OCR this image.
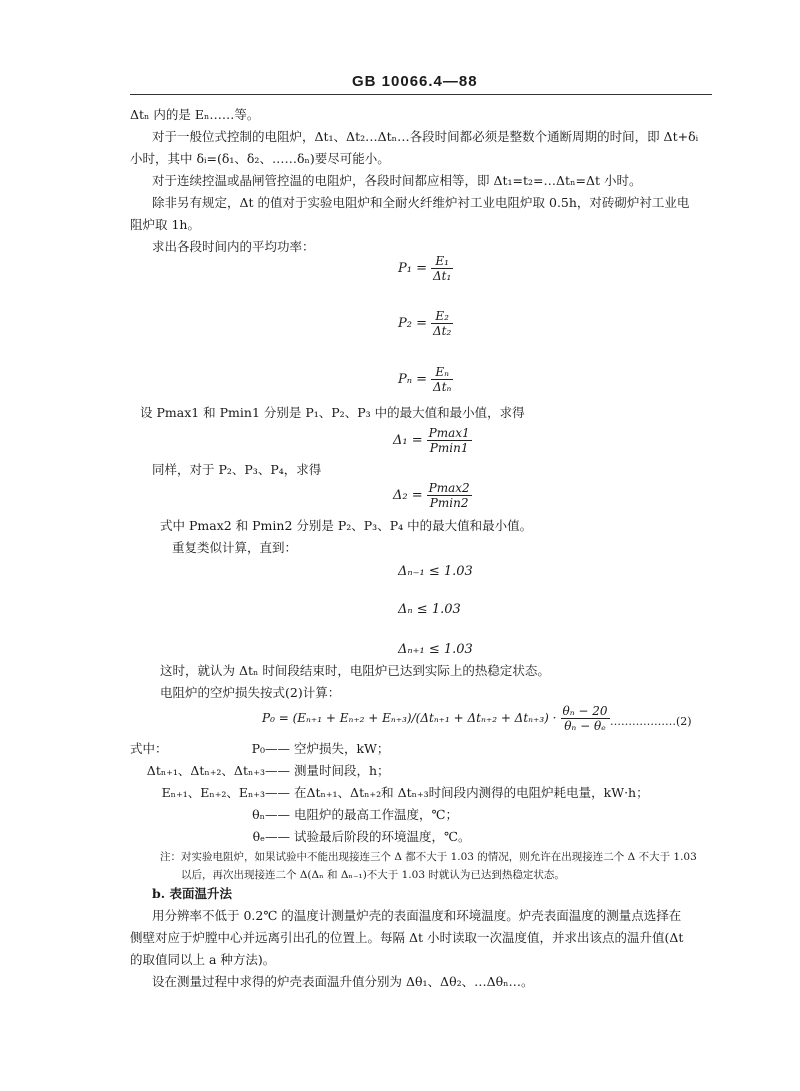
GB 10066.4—88
Δtₙ 内的是 Eₙ……等。
对于一般位式控制的电阻炉，Δt₁、Δt₂…Δtₙ…各段时间都必须是整数个通断周期的时间，即 Δt+δᵢ
小时，其中 δᵢ=(δ₁、δ₂、……δₙ)要尽可能小。
对于连续控温或晶闸管控温的电阻炉，各段时间都应相等，即 Δt₁=t₂=…Δtₙ=Δt 小时。
除非另有规定，Δt 的值对于实验电阻炉和全耐火纤维炉衬工业电阻炉取 0.5h，对砖砌炉衬工业电
阻炉取 1h。
求出各段时间内的平均功率：
$P_1 = \frac{\text{E₁}}{\text{Δt₁}}$
$P_2 = \frac{\text{E₂}}{\text{Δt₂}}$
$P_n = \frac{\text{Eₙ}}{\text{Δtₙ}}$
设 Pmax1 和 Pmin1 分别是 P₁、P₂、P₃ 中的最大值和最小值，求得
$\Delta_1 = \frac{Pmax1}{Pmin1}$
同样，对于 P₂、P₃、P₄，求得
$\Delta_2 = \frac{Pmax2}{Pmin2}$
式中 Pmax2 和 Pmin2 分别是 P₂、P₃、P₄ 中的最大值和最小值。
重复类似计算，直到：
Δₙ₋₁ ≤ 1.03
Δₙ ≤ 1.03
Δₙ₊₁ ≤ 1.03
这时，就认为 Δtₙ 时间段结束时，电阻炉已达到实际上的热稳定状态。
电阻炉的空炉损失按式(2)计算：
$P_0 = (E_{n+1} + E_{n+2} + E_{n+3})/(\Delta t_{n+1} + \Delta t_{n+2} + \Delta t_{n+3}) \cdot \frac{\text{θₙ − 20}}{\text{θₙ − θₑ}}$ ………………(2)
式中：	P₀—— 空炉损失，kW；
Δtₙ₊₁、Δtₙ₊₂、Δtₙ₊₃—— 测量时间段，h；
Eₙ₊₁、Eₙ₊₂、Eₙ₊₃—— 在Δtₙ₊₁、Δtₙ₊₂和 Δtₙ₊₃时间段内测得的电阻炉耗电量，kW·h；
θₙ—— 电阻炉的最高工作温度，℃；
θₑ—— 试验最后阶段的环境温度，℃。
注：对实验电阻炉，如果试验中不能出现接连三个 Δ 都不大于 1.03 的情况，则允许在出现接连二个 Δ 不大于 1.03
以后，再次出现接连二个 Δ(Δₙ 和 Δₙ₋₁)不大于 1.03 时就认为已达到热稳定状态。
b. 表面温升法
用分辨率不低于 0.2℃ 的温度计测量炉壳的表面温度和环境温度。炉壳表面温度的测量点选择在
侧壁对应于炉膛中心并远离引出孔的位置上。每隔 Δt 小时读取一次温度值，并求出该点的温升值(Δt
的取值同以上 a 种方法)。
设在测量过程中求得的炉壳表面温升值分别为 Δθ₁、Δθ₂、…Δθₙ…。
